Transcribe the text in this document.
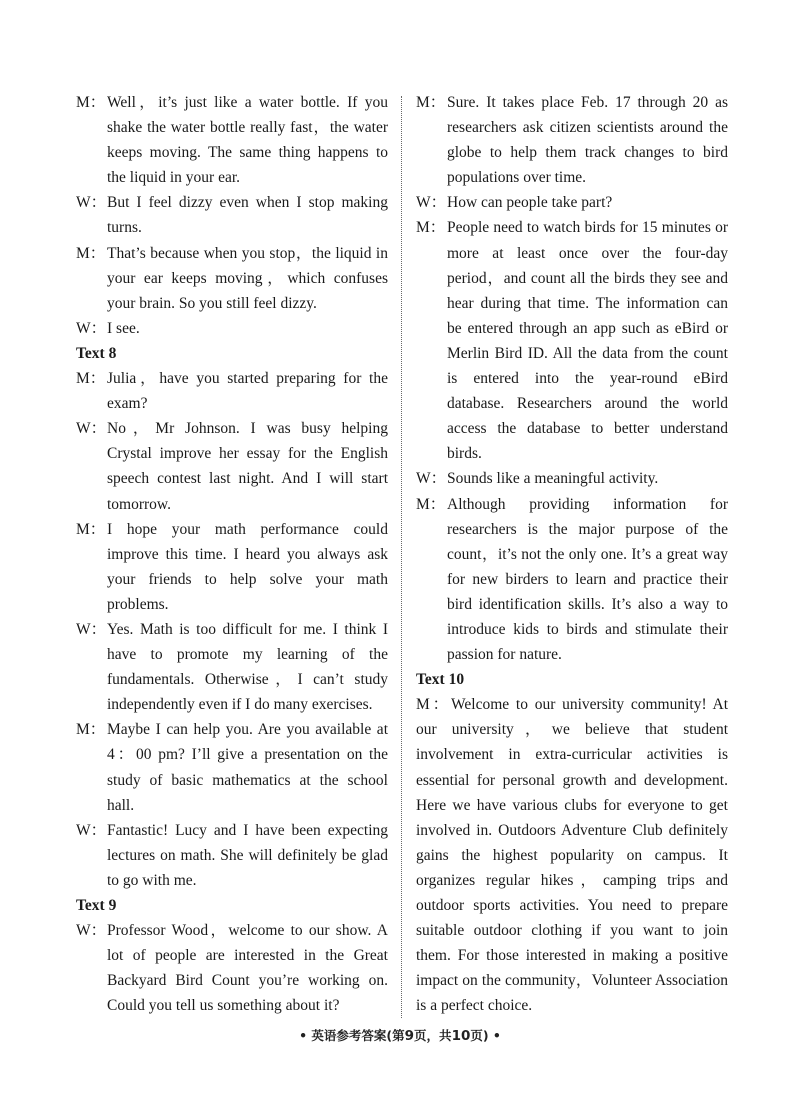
M： Well，it’s just like a water bottle. If you shake the water bottle really fast，the water keeps moving. The same thing happens to the liquid in your ear.
W： But I feel dizzy even when I stop making turns.
M： That’s because when you stop，the liquid in your ear keeps moving，which confuses your brain. So you still feel dizzy.
W： I see.
Text 8
M： Julia，have you started preparing for the exam?
W： No，Mr Johnson. I was busy helping Crystal improve her essay for the English speech contest last night. And I will start tomorrow.
M： I hope your math performance could improve this time. I heard you always ask your friends to help solve your math problems.
W： Yes. Math is too difficult for me. I think I have to promote my learning of the fundamentals. Otherwise，I can’t study independently even if I do many exercises.
M： Maybe I can help you. Are you available at 4：00 pm? I’ll give a presentation on the study of basic mathematics at the school hall.
W： Fantastic! Lucy and I have been expecting lectures on math. She will definitely be glad to go with me.
Text 9
W： Professor Wood，welcome to our show. A lot of people are interested in the Great Backyard Bird Count you’re working on. Could you tell us something about it?
M： Sure. It takes place Feb. 17 through 20 as researchers ask citizen scientists around the globe to help them track changes to bird populations over time.
W： How can people take part?
M： People need to watch birds for 15 minutes or more at least once over the four-day period，and count all the birds they see and hear during that time. The information can be entered through an app such as eBird or Merlin Bird ID. All the data from the count is entered into the year-round eBird database. Researchers around the world access the database to better understand birds.
W： Sounds like a meaningful activity.
M： Although providing information for researchers is the major purpose of the count，it’s not the only one. It’s a great way for new birders to learn and practice their bird identification skills. It’s also a way to introduce kids to birds and stimulate their passion for nature.
Text 10
M：Welcome to our university community! At our university，we believe that student involvement in extra-curricular activities is essential for personal growth and development. Here we have various clubs for everyone to get involved in. Outdoors Adventure Club definitely gains the highest popularity on campus. It organizes regular hikes，camping trips and outdoor sports activities. You need to prepare suitable outdoor clothing if you want to join them. For those interested in making a positive impact on the community，Volunteer Association is a perfect choice.
• 英语参考答案(第9页，共10页) •
